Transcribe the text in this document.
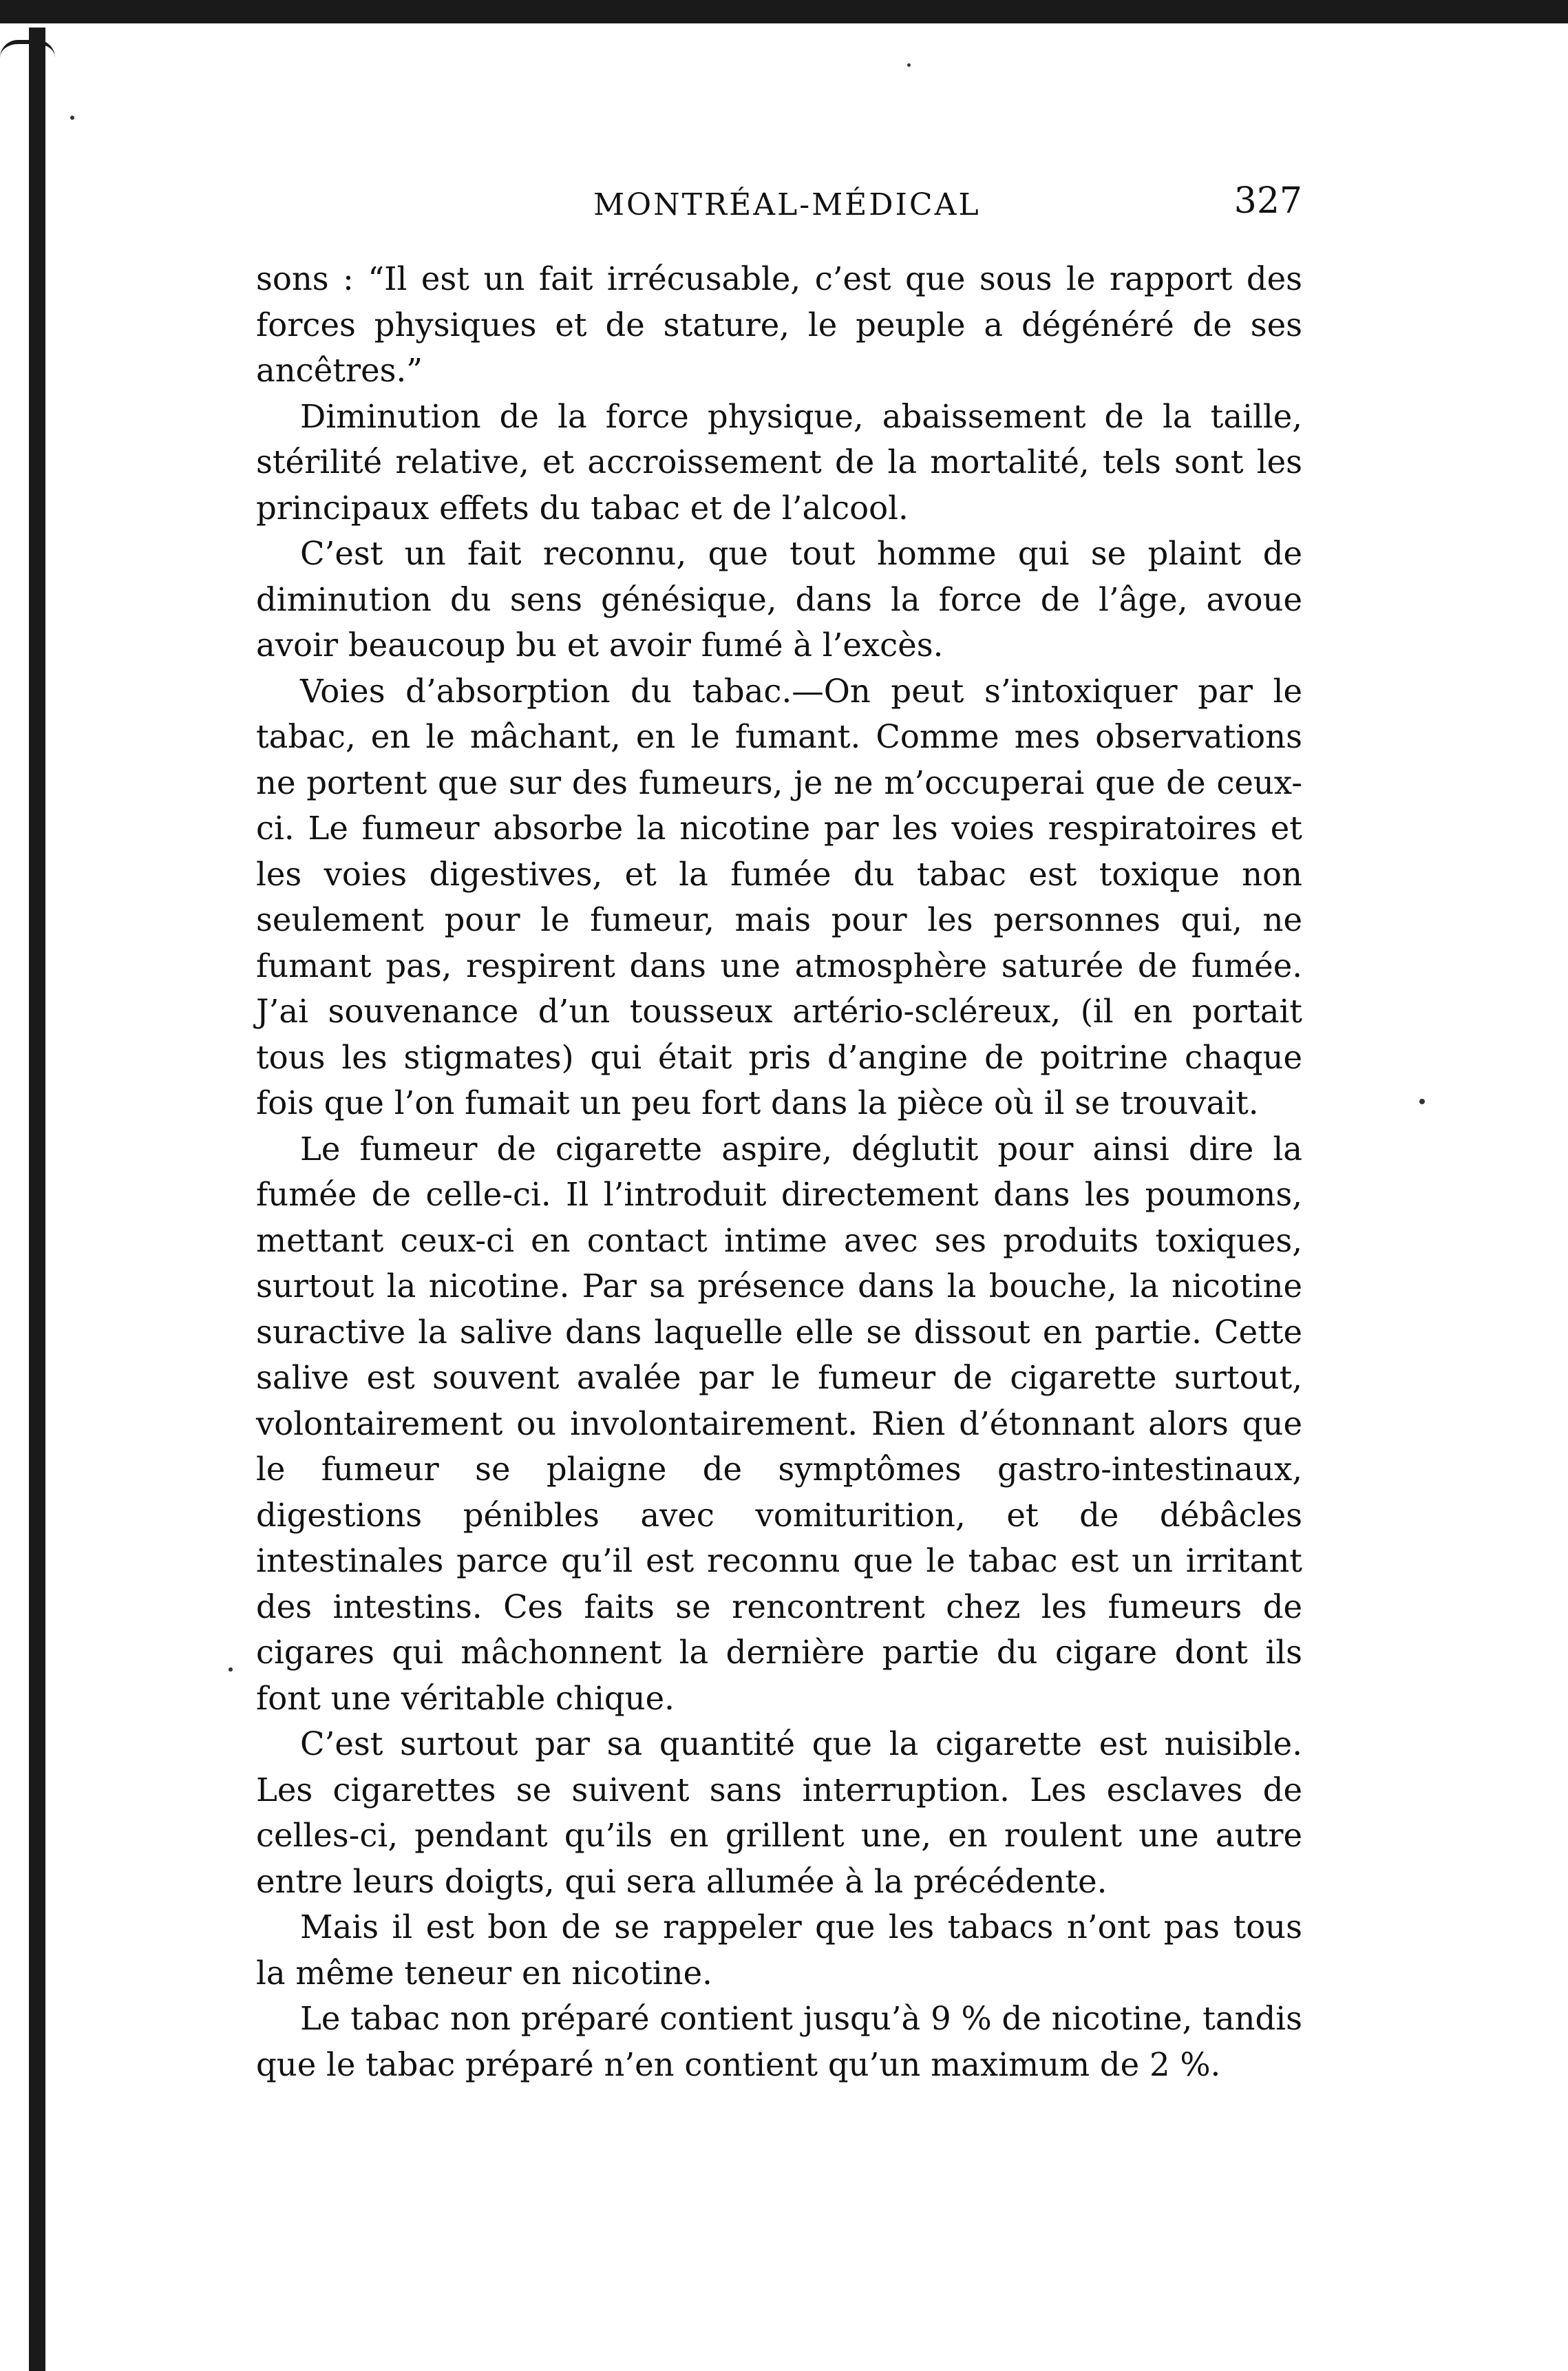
MONTRÉAL-MÉDICAL	327

sons : “Il est un fait irrécusable, c’est que sous le rapport des forces physiques et de stature, le peuple a dégénéré de ses ancêtres.”

Diminution de la force physique, abaissement de la taille, stérilité relative, et accroissement de la mortalité, tels sont les principaux effets du tabac et de l’alcool.

C’est un fait reconnu, que tout homme qui se plaint de diminution du sens génésique, dans la force de l’âge, avoue avoir beaucoup bu et avoir fumé à l’excès.

Voies d’absorption du tabac.—On peut s’intoxiquer par le tabac, en le mâchant, en le fumant. Comme mes observations ne portent que sur des fumeurs, je ne m’occuperai que de ceux-ci. Le fumeur absorbe la nicotine par les voies respiratoires et les voies digestives, et la fumée du tabac est toxique non seulement pour le fumeur, mais pour les personnes qui, ne fumant pas, respirent dans une atmosphère saturée de fumée. J’ai souvenance d’un tousseux artério-scléreux, (il en portait tous les stigmates) qui était pris d’angine de poitrine chaque fois que l’on fumait un peu fort dans la pièce où il se trouvait.

Le fumeur de cigarette aspire, déglutit pour ainsi dire la fumée de celle-ci. Il l’introduit directement dans les poumons, mettant ceux-ci en contact intime avec ses produits toxiques, surtout la nicotine. Par sa présence dans la bouche, la nicotine suractive la salive dans laquelle elle se dissout en partie. Cette salive est souvent avalée par le fumeur de cigarette surtout, volontairement ou involontairement. Rien d’étonnant alors que le fumeur se plaigne de symptômes gastro-intestinaux, digestions pénibles avec vomiturition, et de débâcles intestinales parce qu’il est reconnu que le tabac est un irritant des intestins. Ces faits se rencontrent chez les fumeurs de cigares qui mâchonnent la dernière partie du cigare dont ils font une véritable chique.

C’est surtout par sa quantité que la cigarette est nuisible. Les cigarettes se suivent sans interruption. Les esclaves de celles-ci, pendant qu’ils en grillent une, en roulent une autre entre leurs doigts, qui sera allumée à la précédente.

Mais il est bon de se rappeler que les tabacs n’ont pas tous la même teneur en nicotine.

Le tabac non préparé contient jusqu’à 9 % de nicotine, tandis que le tabac préparé n’en contient qu’un maximum de 2 %.
